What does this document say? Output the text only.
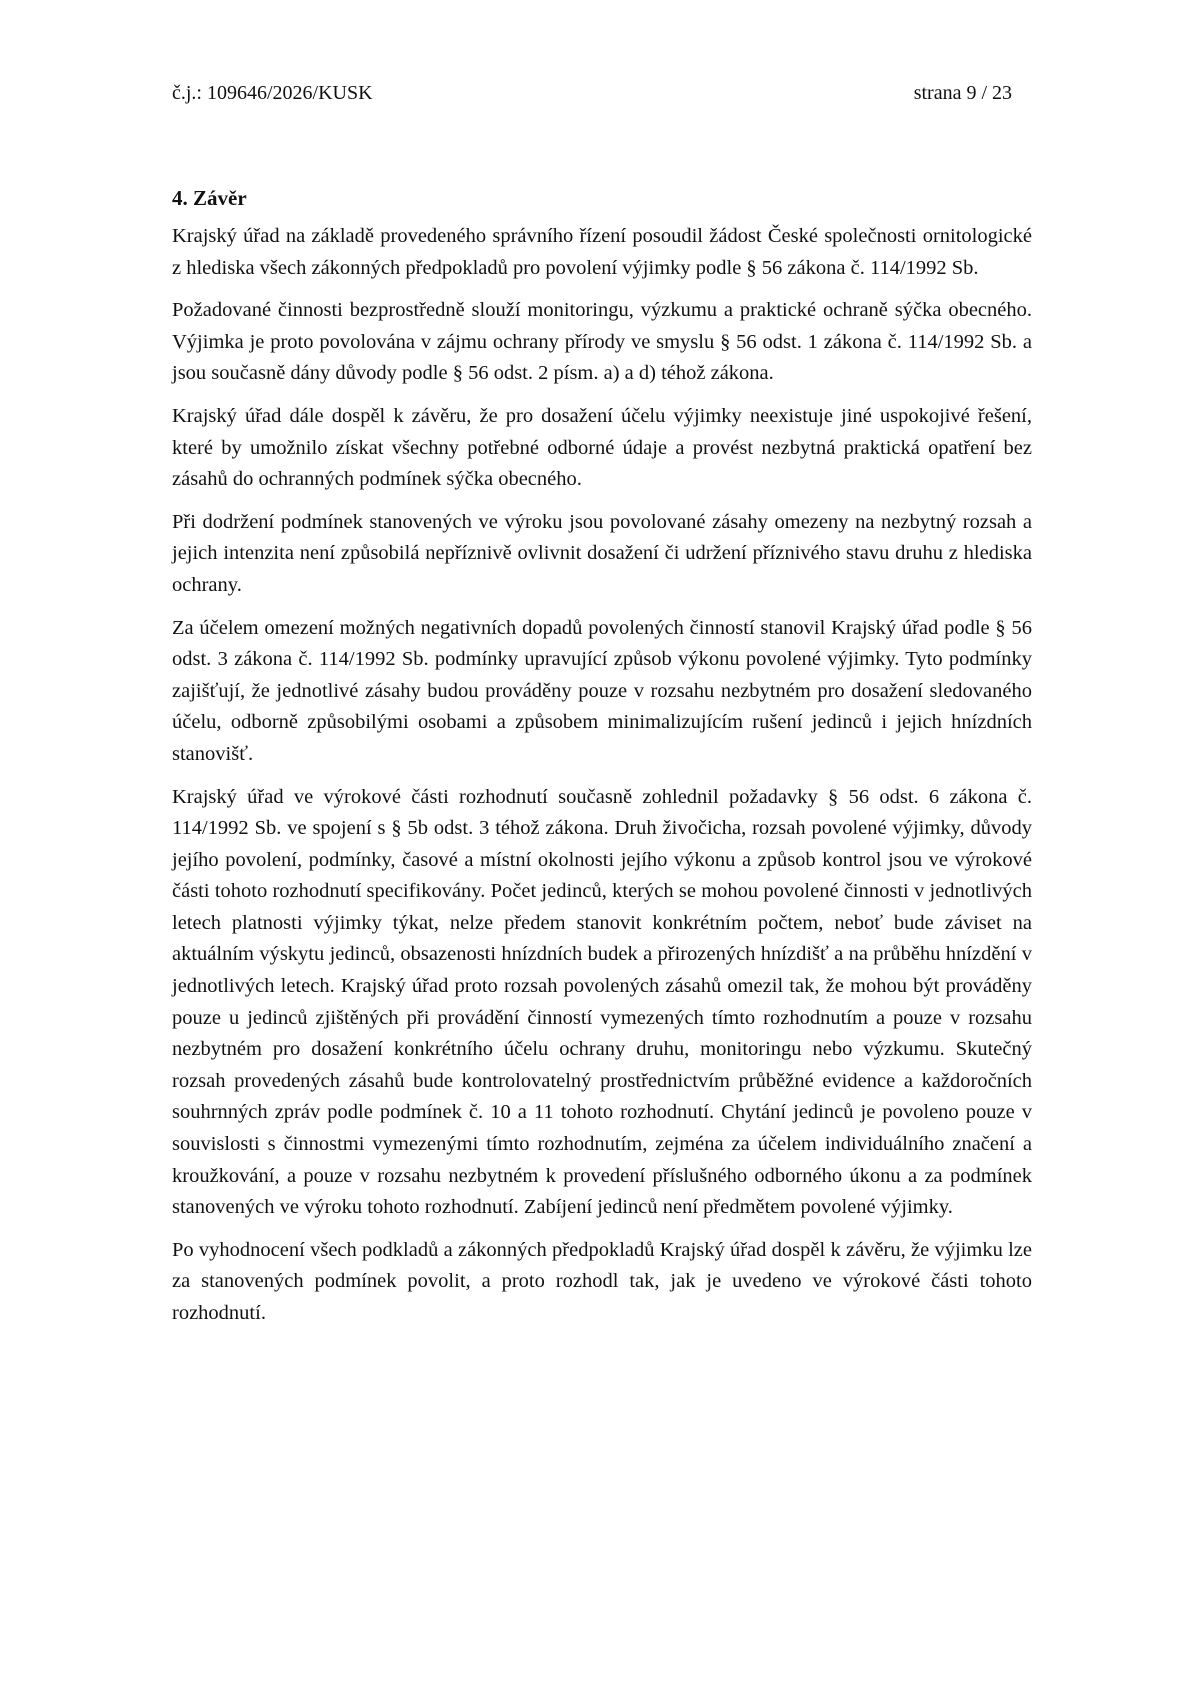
č.j.: 109646/2026/KUSK	strana 9 / 23
4. Závěr

Krajský úřad na základě provedeného správního řízení posoudil žádost České společnosti ornitologické z hlediska všech zákonných předpokladů pro povolení výjimky podle § 56 zákona č. 114/1992 Sb.

Požadované činnosti bezprostředně slouží monitoringu, výzkumu a praktické ochraně sýčka obecného. Výjimka je proto povolována v zájmu ochrany přírody ve smyslu § 56 odst. 1 zákona č. 114/1992 Sb. a jsou současně dány důvody podle § 56 odst. 2 písm. a) a d) téhož zákona.

Krajský úřad dále dospěl k závěru, že pro dosažení účelu výjimky neexistuje jiné uspokojivé řešení, které by umožnilo získat všechny potřebné odborné údaje a provést nezbytná praktická opatření bez zásahů do ochranných podmínek sýčka obecného.

Při dodržení podmínek stanovených ve výroku jsou povolované zásahy omezeny na nezbytný rozsah a jejich intenzita není způsobilá nepříznivě ovlivnit dosažení či udržení příznivého stavu druhu z hlediska ochrany.

Za účelem omezení možných negativních dopadů povolených činností stanovil Krajský úřad podle § 56 odst. 3 zákona č. 114/1992 Sb. podmínky upravující způsob výkonu povolené výjimky. Tyto podmínky zajišťují, že jednotlivé zásahy budou prováděny pouze v rozsahu nezbytném pro dosažení sledovaného účelu, odborně způsobilými osobami a způsobem minimalizujícím rušení jedinců i jejich hnízdních stanovišť.

Krajský úřad ve výrokové části rozhodnutí současně zohlednil požadavky § 56 odst. 6 zákona č. 114/1992 Sb. ve spojení s § 5b odst. 3 téhož zákona. Druh živočicha, rozsah povolené výjimky, důvody jejího povolení, podmínky, časové a místní okolnosti jejího výkonu a způsob kontrol jsou ve výrokové části tohoto rozhodnutí specifikovány. Počet jedinců, kterých se mohou povolené činnosti v jednotlivých letech platnosti výjimky týkat, nelze předem stanovit konkrétním počtem, neboť bude záviset na aktuálním výskytu jedinců, obsazenosti hnízdních budek a přirozených hnízdišť a na průběhu hnízdění v jednotlivých letech. Krajský úřad proto rozsah povolených zásahů omezil tak, že mohou být prováděny pouze u jedinců zjištěných při provádění činností vymezených tímto rozhodnutím a pouze v rozsahu nezbytném pro dosažení konkrétního účelu ochrany druhu, monitoringu nebo výzkumu. Skutečný rozsah provedených zásahů bude kontrolovatelný prostřednictvím průběžné evidence a každoročních souhrnných zpráv podle podmínek č. 10 a 11 tohoto rozhodnutí. Chytání jedinců je povoleno pouze v souvislosti s činnostmi vymezenými tímto rozhodnutím, zejména za účelem individuálního značení a kroužkování, a pouze v rozsahu nezbytném k provedení příslušného odborného úkonu a za podmínek stanovených ve výroku tohoto rozhodnutí. Zabíjení jedinců není předmětem povolené výjimky.

Po vyhodnocení všech podkladů a zákonných předpokladů Krajský úřad dospěl k závěru, že výjimku lze za stanovených podmínek povolit, a proto rozhodl tak, jak je uvedeno ve výrokové části tohoto rozhodnutí.
